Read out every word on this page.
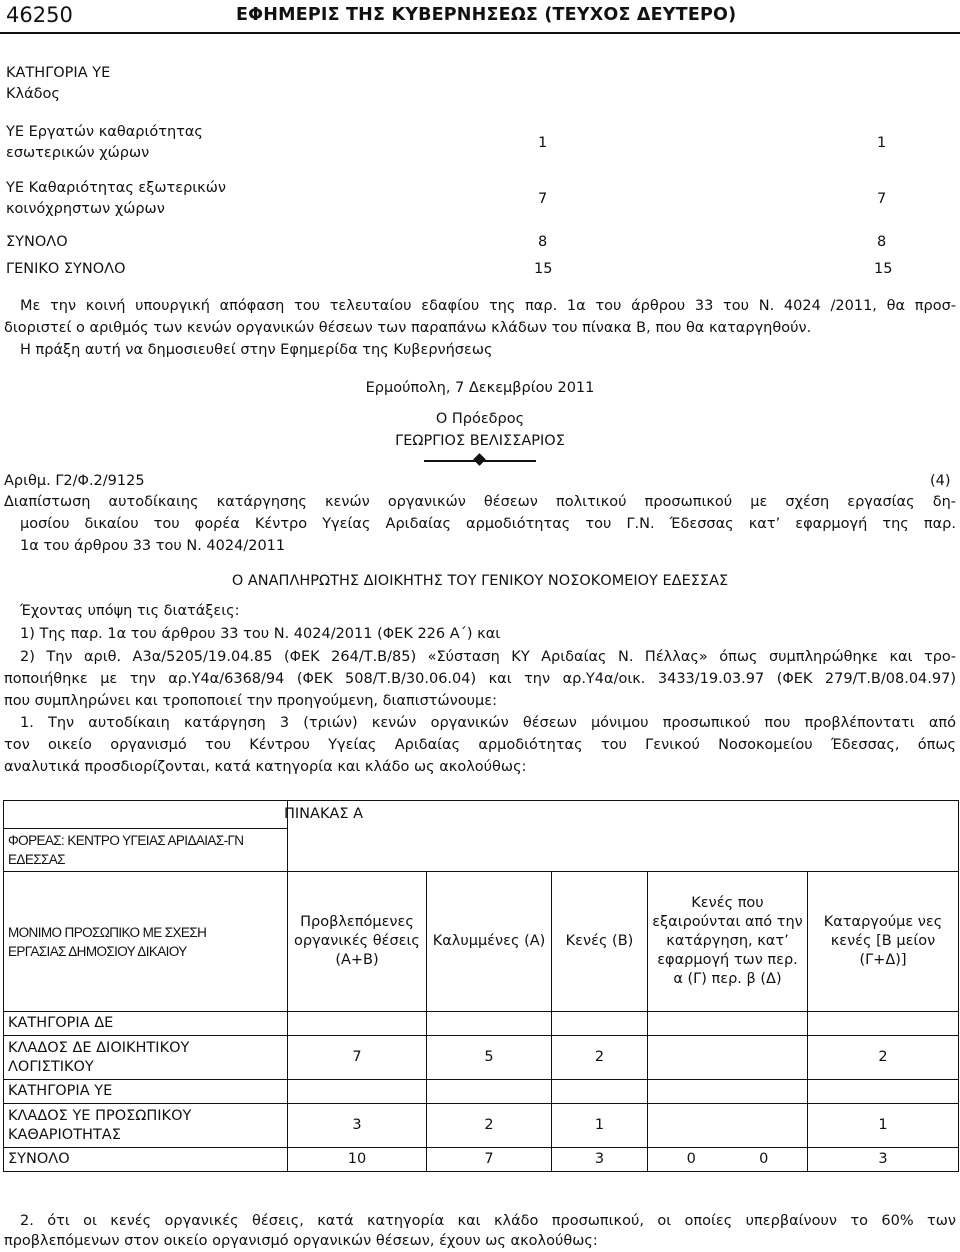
46250	ΕΦΗΜΕΡΙΣ ΤΗΣ ΚΥΒΕΡΝΗΣΕΩΣ (ΤΕΥΧΟΣ ΔΕΥΤΕΡΟ)
ΚΑΤΗΓΟΡΙΑ ΥΕ
Κλάδος
ΥΕ Εργατών καθαριότητας
εσωτερικών χώρων
1	1
ΥΕ Καθαριότητας εξωτερικών
κοινόχρηστων χώρων
7	7
ΣΥΝΟΛΟ	8	8
ΓΕΝΙΚΟ ΣΥΝΟΛΟ	15	15
Με την κοινή υπουργική απόφαση του τελευταίου εδαφίου της παρ. 1α του άρθρου 33 του Ν. 4024 /2011, θα προσ-
διοριστεί ο αριθμός των κενών οργανικών θέσεων των παραπάνω κλάδων του πίνακα Β, που θα καταργηθούν.
Η πράξη αυτή να δημοσιευθεί στην Εφημερίδα της Κυβερνήσεως
Ερμούπολη, 7 Δεκεμβρίου 2011
Ο Πρόεδρος
ΓΕΩΡΓΙΟΣ ΒΕΛΙΣΣΑΡΙΟΣ
Αριθμ. Γ2/Φ.2/9125	(4)
Διαπίστωση αυτοδίκαιης κατάργησης κενών οργανικών θέσεων πολιτικού προσωπικού με σχέση εργασίας δη-
μοσίου δικαίου του φορέα Κέντρο Υγείας Αριδαίας αρμοδιότητας του Γ.Ν. Έδεσσας κατ’ εφαρμογή της παρ.
1α του άρθρου 33 του Ν. 4024/2011
Ο ΑΝΑΠΛΗΡΩΤΗΣ ΔΙΟΙΚΗΤΗΣ ΤΟΥ ΓΕΝΙΚΟΥ ΝΟΣΟΚΟΜΕΙΟΥ ΕΔΕΣΣΑΣ
Έχοντας υπόψη τις διατάξεις:
1) Της παρ. 1α του άρθρου 33 του Ν. 4024/2011 (ΦΕΚ 226 Α΄) και
2) Την αριθ. Α3α/5205/19.04.85 (ΦΕΚ 264/Τ.Β/85) «Σύσταση ΚΥ Αριδαίας Ν. Πέλλας» όπως συμπληρώθηκε και τρο-
ποποιήθηκε με την αρ.Υ4α/6368/94 (ΦΕΚ 508/Τ.Β/30.06.04) και την αρ.Υ4α/οικ. 3433/19.03.97 (ΦΕΚ 279/Τ.Β/08.04.97)
που συμπληρώνει και τροποποιεί την προηγούμενη, διαπιστώνουμε:
1. Την αυτοδίκαιη κατάργηση 3 (τριών) κενών οργανικών θέσεων μόνιμου προσωπικού που προβλέποντατι από
τον οικείο οργανισμό του Κέντρου Υγείας Αριδαίας αρμοδιότητας του Γενικού Νοσοκομείου Έδεσσας, όπως
αναλυτικά προσδιορίζονται, κατά κατηγορία και κλάδο ως ακολούθως:
	ΠΙΝΑΚΑΣ Α				
ΦΟΡΕΑΣ: ΚΕΝΤΡΟ ΥΓΕΙΑΣ ΑΡΙΔΑΙΑΣ-ΓΝ ΕΔΕΣΣΑΣ					

ΜΟΝΙΜΟ ΠΡΟΣΩΠΙΚΟ ΜΕ ΣΧΕΣΗ
ΕΡΓΑΣΙΑΣ ΔΗΜΟΣΙΟΥ ΔΙΚΑΙΟΥ	Προβλεπόμενες οργανικές θέσεις (Α+Β)	Καλυμμένες (Α)	Κενές (Β)	Κενές που εξαιρούνται από την κατάργηση, κατ’ εφαρμογή των περ. α (Γ) περ. β (Δ)	Καταργούμε νες κενές [Β μείον (Γ+Δ)]
ΚΑΤΗΓΟΡΙΑ ΔΕ					

ΚΛΑΔΟΣ ΔΕ ΔΙΟΙΚΗΤΙΚΟΥ
ΛΟΓΙΣΤΙΚΟΥ	7	5	2		2
ΚΑΤΗΓΟΡΙΑ ΥΕ					

ΚΛΑΔΟΣ ΥΕ ΠΡΟΣΩΠΙΚΟΥ
ΚΑΘΑΡΙΟΤΗΤΑΣ	3	2	1		1
ΣΥΝΟΛΟ	10	7	3	0 0	3
2. ότι οι κενές οργανικές θέσεις, κατά κατηγορία και κλάδο προσωπικού, οι οποίες υπερβαίνουν το 60% των
προβλεπόμενων στον οικείο οργανισμό οργανικών θέσεων, έχουν ως ακολούθως:
